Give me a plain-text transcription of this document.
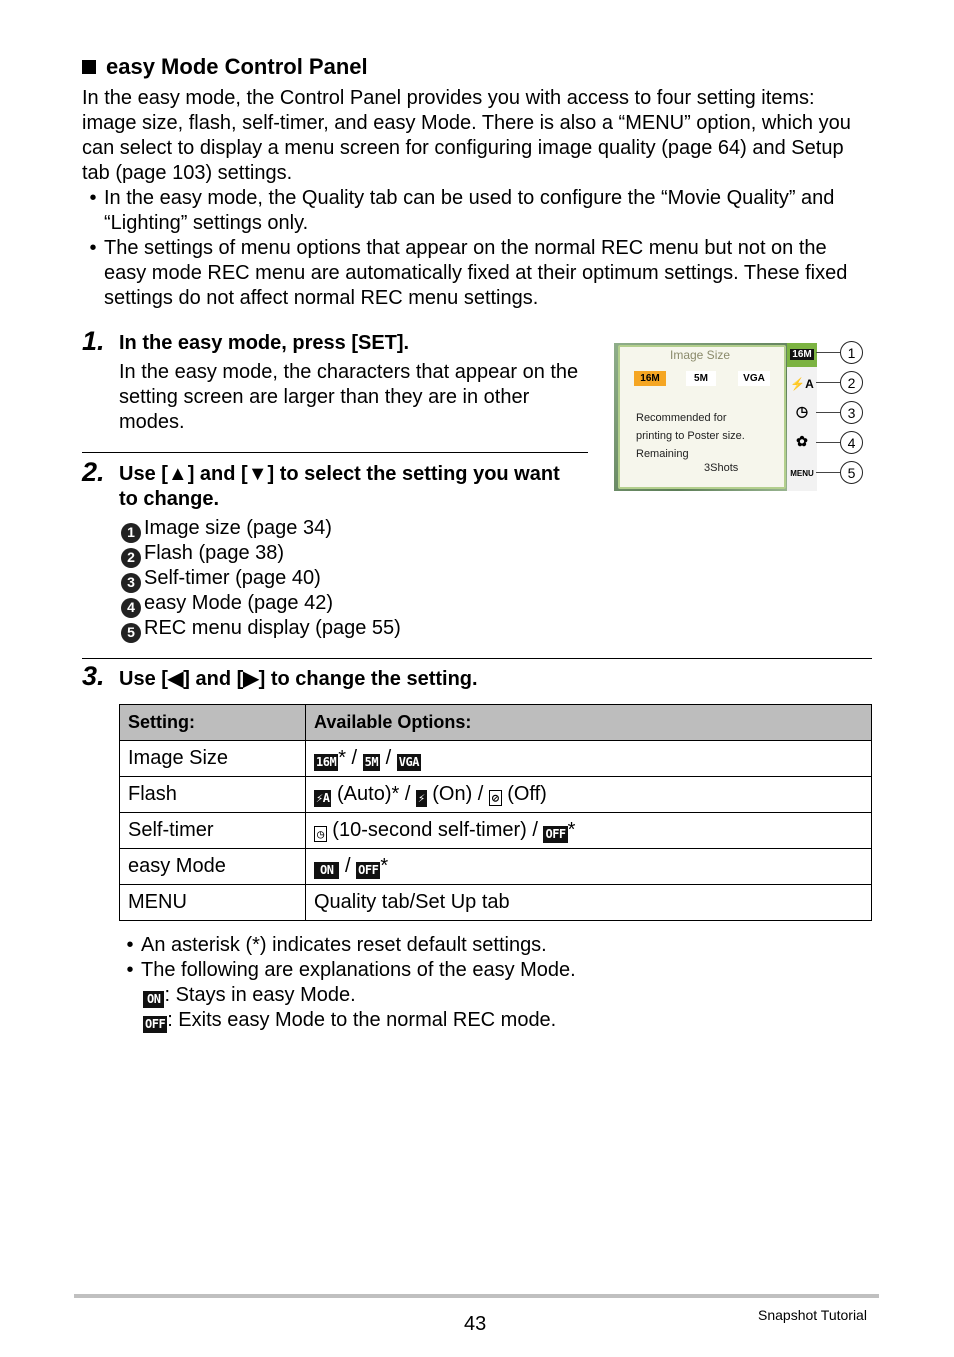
easy Mode Control Panel
In the easy mode, the Control Panel provides you with access to four setting items: image size, flash, self-timer, and easy Mode. There is also a “MENU” option, which you can select to display a menu screen for configuring image quality (page 64) and Setup tab (page 103) settings.
• In the easy mode, the Quality tab can be used to configure the “Movie Quality” and “Lighting” settings only.
• The settings of menu options that appear on the normal REC menu but not on the easy mode REC menu are automatically fixed at their optimum settings. These fixed settings do not affect normal REC menu settings.
1. In the easy mode, press [SET].
In the easy mode, the characters that appear on the setting screen are larger than they are in other modes.
Image Size
16M	5M	VGA
Recommended for
printing to Poster size.
Remaining
3Shots
16M
⚡A
◷
✿
MENU
1
2
3
4
5
2. Use [▲] and [▼] to select the setting you want to change.
1 Image size (page 34)
2 Flash (page 38)
3 Self-timer (page 40)
4 easy Mode (page 42)
5 REC menu display (page 55)
3. Use [◀] and [▶] to change the setting.
Setting:	Available Options:
Image Size	16M * / 5M / VGA
Flash	⚡A (Auto)* / ⚡ (On) / ⊘ (Off)
Self-timer	◷ (10-second self-timer) / OFF *
easy Mode	ON / OFF *
MENU	Quality tab/Set Up tab
• An asterisk (*) indicates reset default settings.
• The following are explanations of the easy Mode.
ON : Stays in easy Mode.
OFF : Exits easy Mode to the normal REC mode.
43	Snapshot Tutorial
